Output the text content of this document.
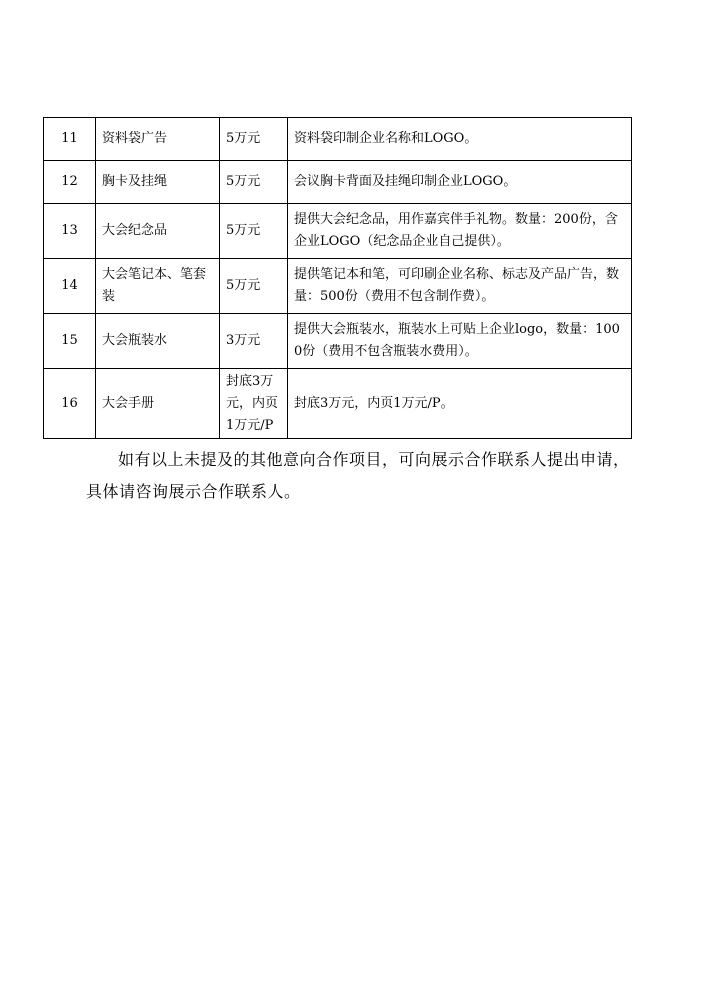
11	资料袋广告	5万元	资料袋印制企业名称和LOGO。
12	胸卡及挂绳	5万元	会议胸卡背面及挂绳印制企业LOGO。
13	大会纪念品	5万元	提供大会纪念品，用作嘉宾伴手礼物。数量：200份，含企业LOGO（纪念品企业自己提供）。
14	大会笔记本、笔套装	5万元	提供笔记本和笔，可印刷企业名称、标志及产品广告，数量：500份（费用不包含制作费）。
15	大会瓶装水	3万元	提供大会瓶装水，瓶装水上可贴上企业logo，数量：1000份（费用不包含瓶装水费用）。
16	大会手册	封底3万元，内页1万元/P	封底3万元，内页1万元/P。

如有以上未提及的其他意向合作项目，可向展示合作联系人提出申请，具体请咨询展示合作联系人。
